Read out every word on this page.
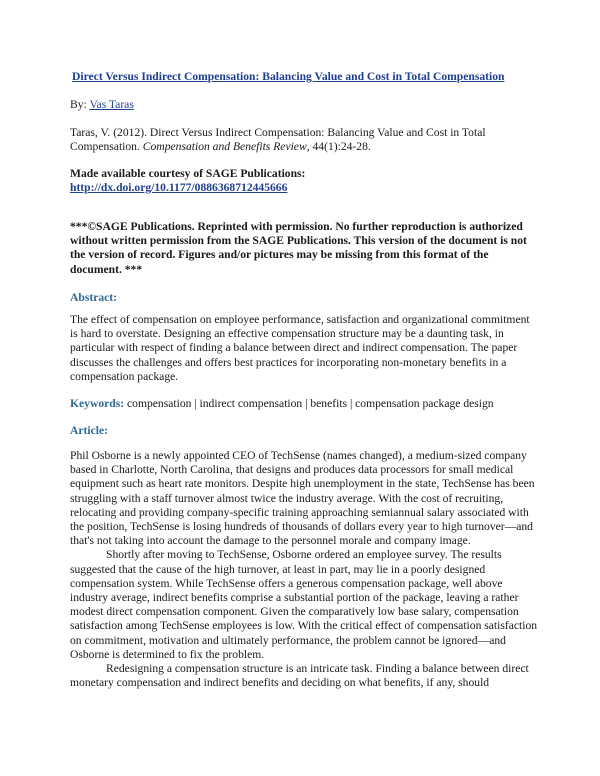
Direct Versus Indirect Compensation: Balancing Value and Cost in Total Compensation
By: Vas Taras
Taras, V. (2012). Direct Versus Indirect Compensation: Balancing Value and Cost in Total Compensation. Compensation and Benefits Review, 44(1):24-28.
Made available courtesy of SAGE Publications:
http://dx.doi.org/10.1177/0886368712445666
***©SAGE Publications. Reprinted with permission. No further reproduction is authorized without written permission from the SAGE Publications. This version of the document is not the version of record. Figures and/or pictures may be missing from this format of the document. ***
Abstract:
The effect of compensation on employee performance, satisfaction and organizational commitment is hard to overstate. Designing an effective compensation structure may be a daunting task, in particular with respect of finding a balance between direct and indirect compensation. The paper discusses the challenges and offers best practices for incorporating non-monetary benefits in a compensation package.
Keywords: compensation | indirect compensation | benefits | compensation package design
Article:

Phil Osborne is a newly appointed CEO of TechSense (names changed), a medium-sized company based in Charlotte, North Carolina, that designs and produces data processors for small medical equipment such as heart rate monitors. Despite high unemployment in the state, TechSense has been struggling with a staff turnover almost twice the industry average. With the cost of recruiting, relocating and providing company-specific training approaching semiannual salary associated with the position, TechSense is losing hundreds of thousands of dollars every year to high turnover—and that's not taking into account the damage to the personnel morale and company image.

Shortly after moving to TechSense, Osborne ordered an employee survey. The results suggested that the cause of the high turnover, at least in part, may lie in a poorly designed compensation system. While TechSense offers a generous compensation package, well above industry average, indirect benefits comprise a substantial portion of the package, leaving a rather modest direct compensation component. Given the comparatively low base salary, compensation satisfaction among TechSense employees is low. With the critical effect of compensation satisfaction on commitment, motivation and ultimately performance, the problem cannot be ignored—and Osborne is determined to fix the problem.

Redesigning a compensation structure is an intricate task. Finding a balance between direct monetary compensation and indirect benefits and deciding on what benefits, if any, should
